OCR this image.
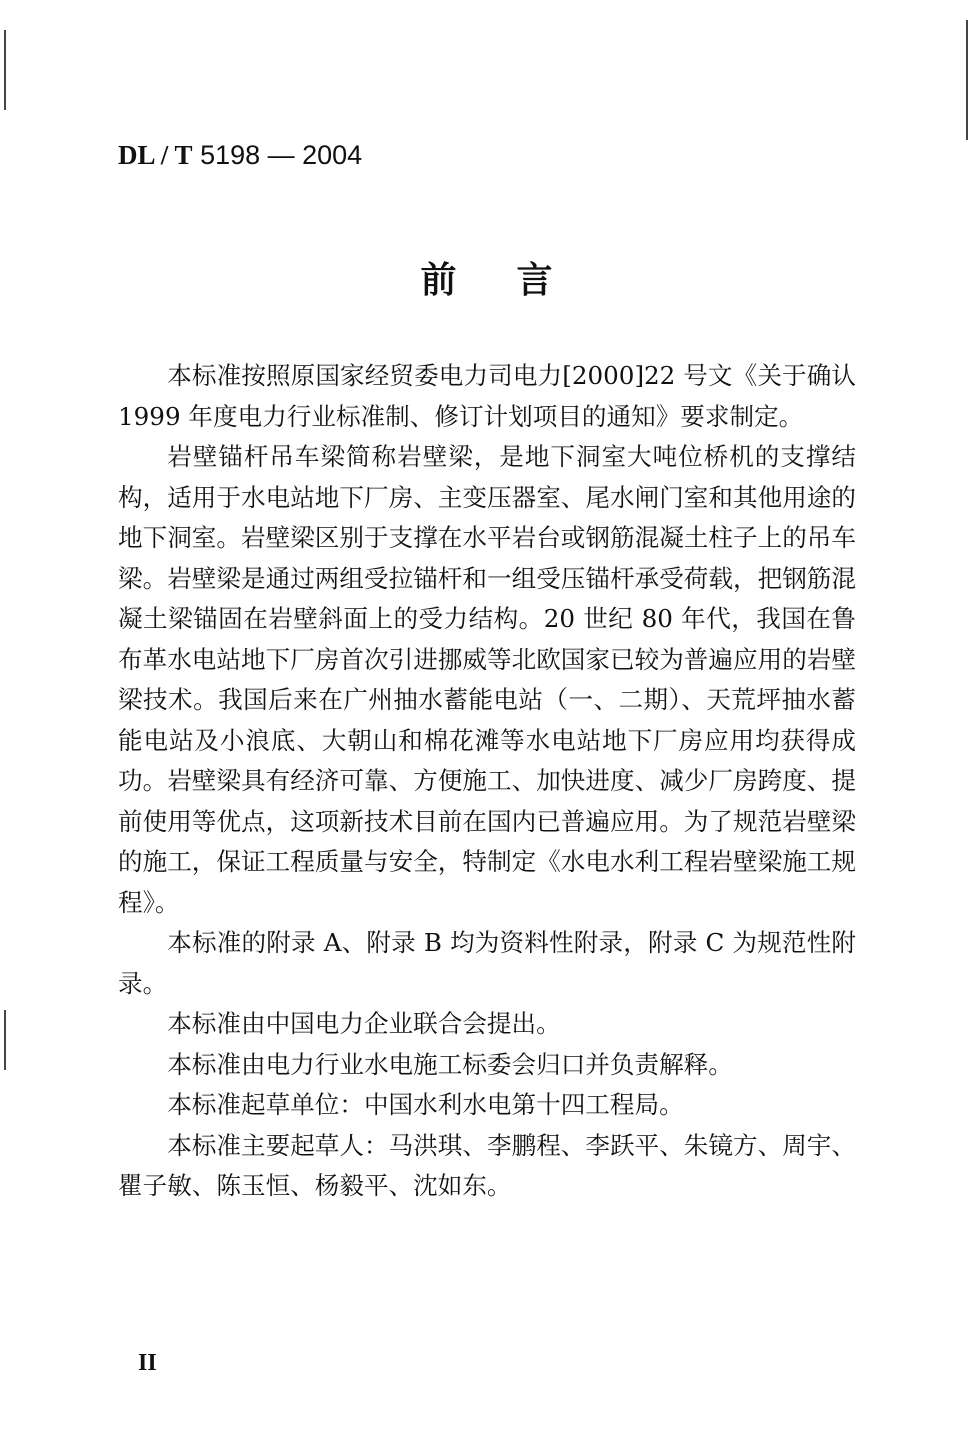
DL / T 5198 — 2004
前言

本标准按照原国家经贸委电力司电力[2000]22 号文《关于确认 1999 年度电力行业标准制、修订计划项目的通知》要求制定。

岩壁锚杆吊车梁简称岩壁梁，是地下洞室大吨位桥机的支撑结构，适用于水电站地下厂房、主变压器室、尾水闸门室和其他用途的地下洞室。岩壁梁区别于支撑在水平岩台或钢筋混凝土柱子上的吊车梁。岩壁梁是通过两组受拉锚杆和一组受压锚杆承受荷载，把钢筋混凝土梁锚固在岩壁斜面上的受力结构。20 世纪 80 年代，我国在鲁布革水电站地下厂房首次引进挪威等北欧国家已较为普遍应用的岩壁梁技术。我国后来在广州抽水蓄能电站（一、二期）、天荒坪抽水蓄能电站及小浪底、大朝山和棉花滩等水电站地下厂房应用均获得成功。岩壁梁具有经济可靠、方便施工、加快进度、减少厂房跨度、提前使用等优点，这项新技术目前在国内已普遍应用。为了规范岩壁梁的施工，保证工程质量与安全，特制定《水电水利工程岩壁梁施工规程》。

本标准的附录 A、附录 B 均为资料性附录，附录 C 为规范性附录。

本标准由中国电力企业联合会提出。

本标准由电力行业水电施工标委会归口并负责解释。

本标准起草单位：中国水利水电第十四工程局。

本标准主要起草人：马洪琪、李鹏程、李跃平、朱镜方、周宇、瞿子敏、陈玉恒、杨毅平、沈如东。

II
